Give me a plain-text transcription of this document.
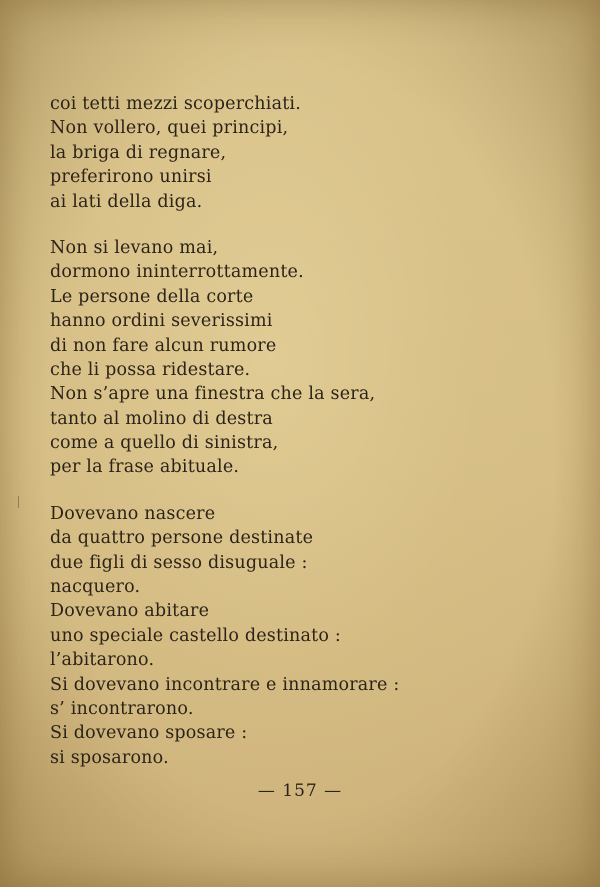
coi tetti mezzi scoperchiati.
Non vollero, quei principi,
la briga di regnare,
preferirono unirsi
ai lati della diga.
Non si levano mai,
dormono ininterrottamente.
Le persone della corte
hanno ordini severissimi
di non fare alcun rumore
che li possa ridestare.
Non s’apre una finestra che la sera,
tanto al molino di destra
come a quello di sinistra,
per la frase abituale.
Dovevano nascere
da quattro persone destinate
due figli di sesso disuguale :
nacquero.
Dovevano abitare
uno speciale castello destinato :
l’abitarono.
Si dovevano incontrare e innamorare :
s’ incontrarono.
Si dovevano sposare :
si sposarono.
— 157 —
